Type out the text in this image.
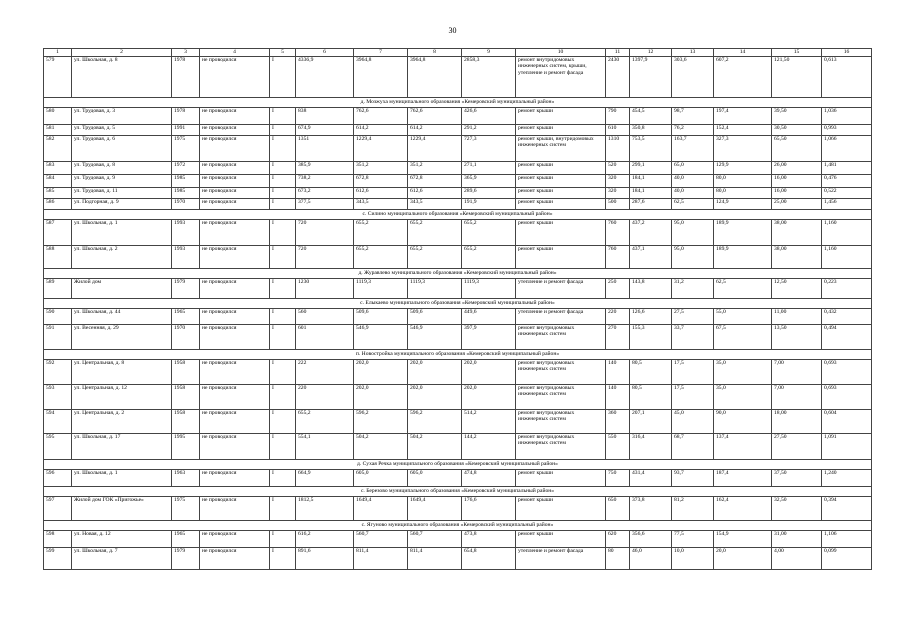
30
1	2	3	4	5	6	7	8	9	10	11	12	13	14	15	16
579	ул. Школьная, д. 8	1978	не проводился	I	4336,9	3964,8	3964,8	2858,3	ремонт внутридомовых инженерных систем, крыши, утепление и ремонт фасада	2430	1397,9	303,6	607,2	121,50	0,613
д. Мозжуха муниципального образования «Кемеровский муниципальный район»															
580	ул. Трудовая, д. 3	1978	не проводился	I	838	762,6	762,6	426,6	ремонт крыши	790	454,5	98,7	197,4	39,50	1,036
581	ул. Трудовая, д. 5	1991	не проводился	I	674,9	614,2	614,2	291,2	ремонт крыши	610	350,8	76,2	152,4	30,50	0,993
582	ул. Трудовая, д. 6	1975	не проводился	I	1351	1229,4	1229,4	727,3	ремонт крыши, внутридомовых инженерных систем	1310	753,5	163,7	327,3	65,50	1,066
583	ул. Трудовая, д. 8	1972	не проводился	I	385,9	351,2	351,2	271,1	ремонт крыши	520	299,1	65,0	129,9	26,00	1,481
584	ул. Трудовая, д. 9	1985	не проводился	I	738,2	672,8	672,8	365,9	ремонт крыши	320	184,1	40,0	80,0	16,00	0,476
585	ул. Трудовая, д. 11	1985	не проводился	I	673,2	612,6	612,6	289,6	ремонт крыши	320	184,1	40,0	80,0	16,00	0,522
586	ул. Подгорная, д. 9	1970	не проводился	I	377,5	343,5	343,5	191,9	ремонт крыши	500	287,6	62,5	124,9	25,00	1,456
с. Силино муниципального образования «Кемеровский муниципальный район»															
587	ул. Школьная, д. 1	1993	не проводился	I	720	655,2	655,2	655,2	ремонт крыши	760	437,2	95,0	189,9	38,00	1,160
588	ул. Школьная, д. 2	1993	не проводился	I	720	655,2	655,2	655,2	ремонт крыши	760	437,1	95,0	189,9	38,00	1,160
д. Журавлево муниципального образования «Кемеровский муниципальный район»															
589	Жилой дом	1979	не проводился	I	1230	1119,3	1119,3	1119,3	утепление и ремонт фасада	250	143,8	31,2	62,5	12,50	0,223
с. Елыкаево муниципального образования «Кемеровский муниципальный район»															
590	ул. Школьная, д. 44	1965	не проводился	I	560	509,6	509,6	449,6	утепление и ремонт фасада	220	126,6	27,5	55,0	11,00	0,432
591	ул. Весенняя, д. 29	1970	не проводился	I	601	546,9	546,9	397,9	ремонт внутридомовых инженерных систем	270	155,3	33,7	67,5	13,50	0,494
п. Новостройка муниципального образования «Кемеровский муниципальный район»															
592	ул. Центральная, д. 8	1958	не проводился	I	222	202,0	202,0	202,0	ремонт внутридомовых инженерных систем	140	80,5	17,5	35,0	7,00	0,693
593	ул. Центральная, д. 12	1958	не проводился	I	220	202,0	202,0	202,0	ремонт внутридомовых инженерных систем	140	80,5	17,5	35,0	7,00	0,693
594	ул. Центральная, д. 2	1958	не проводился	I	655,2	596,2	596,2	514,2	ремонт внутридомовых инженерных систем	360	207,1	45,0	90,0	18,00	0,604
595	ул. Школьная, д. 17	1995	не проводился	I	554,1	504,2	504,2	144,2	ремонт внутридомовых инженерных систем	550	316,4	68,7	137,4	27,50	1,091
д. Сухая Речка муниципального образования «Кемеровский муниципальный район»															
596	ул. Школьная, д. 1	1963	не проводился	I	664,9	605,0	605,0	474,8	ремонт крыши	750	431,4	93,7	187,4	37,50	1,240
с. Березово муниципального образования «Кемеровский муниципальный район»															
597	Жилой дом ГОК «Пригожье»	1975	не проводился	I	1812,5	1649,4	1649,4	176,6	ремонт крыши	650	373,8	81,2	162,4	32,50	0,394
с. Ягуново муниципального образования «Кемеровский муниципальный район»															
598	ул. Новая, д. 12	1965	не проводился	I	616,2	560,7	560,7	473,8	ремонт крыши	620	356,6	77,5	154,9	31,00	1,106
599	ул. Школьная, д. 7	1979	не проводился	I	891,6	811,4	811,4	654,8	утепление и ремонт фасада	80	46,0	10,0	20,0	4,00	0,099
